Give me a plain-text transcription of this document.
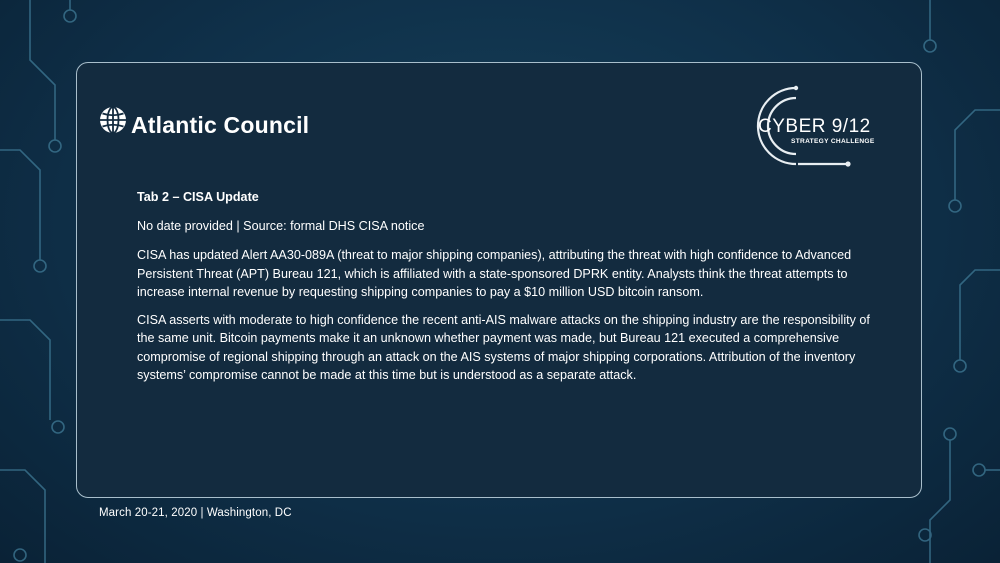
Atlantic Council	CYBER 9/12
STRATEGY CHALLENGE

Tab 2 – CISA Update

No date provided | Source: formal DHS CISA notice

CISA has updated Alert AA30-089A (threat to major shipping companies), attributing the threat with high confidence to Advanced Persistent Threat (APT) Bureau 121, which is affiliated with a state-sponsored DPRK entity. Analysts think the threat attempts to increase internal revenue by requesting shipping companies to pay a $10 million USD bitcoin ransom.

CISA asserts with moderate to high confidence the recent anti-AIS malware attacks on the shipping industry are the responsibility of the same unit. Bitcoin payments make it an unknown whether payment was made, but Bureau 121 executed a comprehensive compromise of regional shipping through an attack on the AIS systems of major shipping corporations. Attribution of the inventory systems’ compromise cannot be made at this time but is understood as a separate attack.

March 20-21, 2020 | Washington, DC
